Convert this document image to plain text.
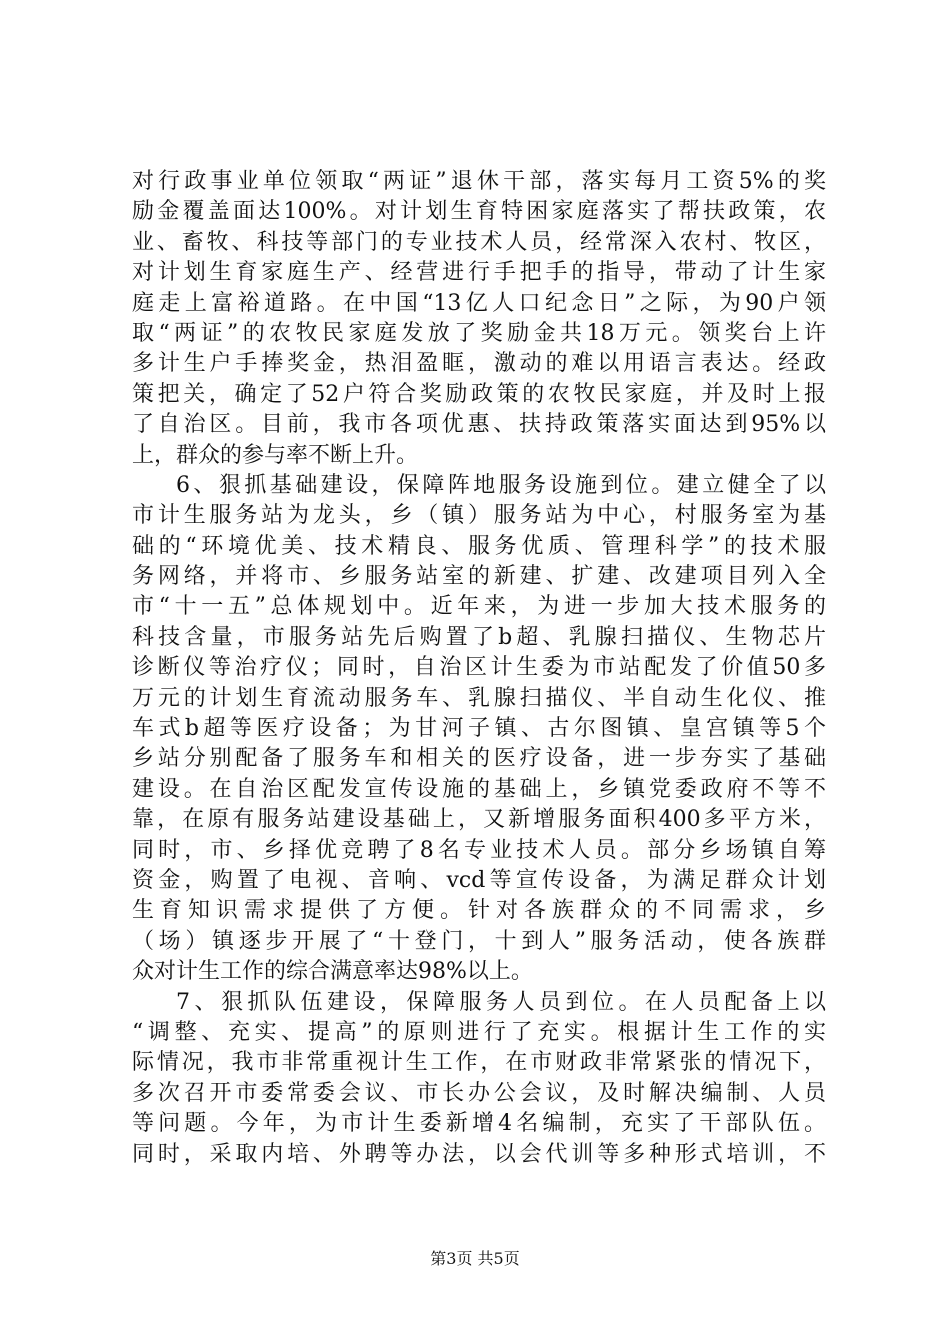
对行政事业单位领取“两证”退休干部，落实每月工资5%的奖
励金覆盖面达100%。对计划生育特困家庭落实了帮扶政策，农
业、畜牧、科技等部门的专业技术人员，经常深入农村、牧区，
对计划生育家庭生产、经营进行手把手的指导，带动了计生家
庭走上富裕道路。在中国“13亿人口纪念日”之际，为90户领
取“两证”的农牧民家庭发放了奖励金共18万元。领奖台上许
多计生户手捧奖金，热泪盈眶，激动的难以用语言表达。经政
策把关，确定了52户符合奖励政策的农牧民家庭，并及时上报
了自治区。目前，我市各项优惠、扶持政策落实面达到95%以
上，群众的参与率不断上升。
6、狠抓基础建设，保障阵地服务设施到位。建立健全了以
市计生服务站为龙头，乡（镇）服务站为中心，村服务室为基
础的“环境优美、技术精良、服务优质、管理科学”的技术服
务网络，并将市、乡服务站室的新建、扩建、改建项目列入全
市“十一五”总体规划中。近年来，为进一步加大技术服务的
科技含量，市服务站先后购置了b超、乳腺扫描仪、生物芯片
诊断仪等治疗仪；同时，自治区计生委为市站配发了价值50多
万元的计划生育流动服务车、乳腺扫描仪、半自动生化仪、推
车式b超等医疗设备；为甘河子镇、古尔图镇、皇宫镇等5个
乡站分别配备了服务车和相关的医疗设备，进一步夯实了基础
建设。在自治区配发宣传设施的基础上，乡镇党委政府不等不
靠，在原有服务站建设基础上，又新增服务面积400多平方米，
同时，市、乡择优竞聘了8名专业技术人员。部分乡场镇自筹
资金，购置了电视、音响、vcd等宣传设备，为满足群众计划
生育知识需求提供了方便。针对各族群众的不同需求，乡
（场）镇逐步开展了“十登门，十到人”服务活动，使各族群
众对计生工作的综合满意率达98%以上。
7、狠抓队伍建设，保障服务人员到位。在人员配备上以
“调整、充实、提高”的原则进行了充实。根据计生工作的实
际情况，我市非常重视计生工作，在市财政非常紧张的情况下，
多次召开市委常委会议、市长办公会议，及时解决编制、人员
等问题。今年，为市计生委新增4名编制，充实了干部队伍。
同时，采取内培、外聘等办法，以会代训等多种形式培训，不
第3页 共5页
